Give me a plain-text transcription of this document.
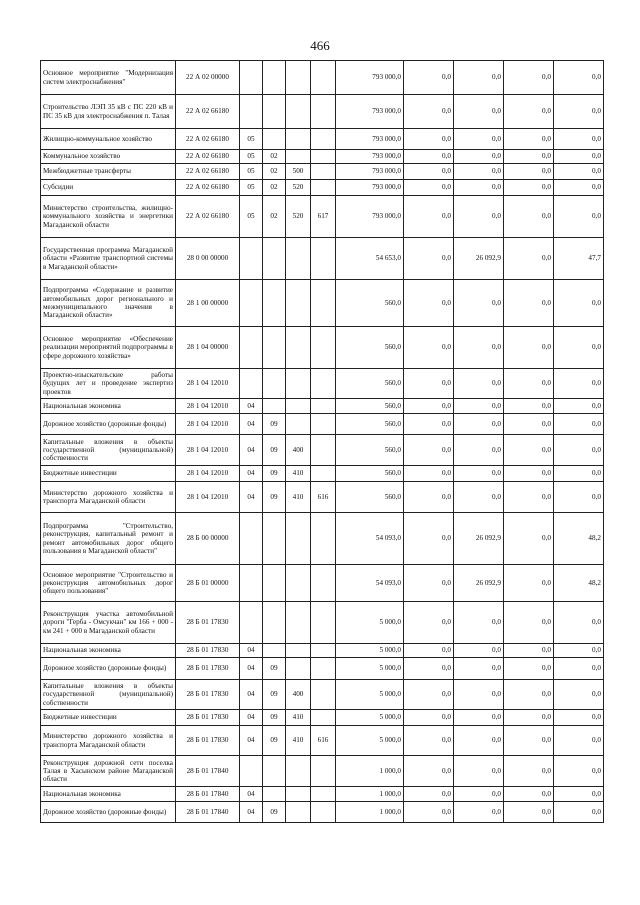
466
Основное мероприятие "Модернизация систем электроснабжения"	22 А 02 00000					793 000,0	0,0	0,0	0,0	0,0
Строительство ЛЭП 35 кВ с ПС 220 кВ и ПС 35 кВ для электроснабжения п. Талая	22 А 02 66180					793 000,0	0,0	0,0	0,0	0,0
Жилищно-коммунальное хозяйство	22 А 02 66180	05				793 000,0	0,0	0,0	0,0	0,0
Коммунальное хозяйство	22 А 02 66180	05	02			793 000,0	0,0	0,0	0,0	0,0
Межбюджетные трансферты	22 А 02 66180	05	02	500		793 000,0	0,0	0,0	0,0	0,0
Субсидии	22 А 02 66180	05	02	520		793 000,0	0,0	0,0	0,0	0,0
Министерство строительства, жилищно-коммунального хозяйства и энергетики Магаданской области	22 А 02 66180	05	02	520	617	793 000,0	0,0	0,0	0,0	0,0
Государственная программа Магаданской области «Развитие транспортной системы в Магаданской области»	28 0 00 00000					54 653,0	0,0	26 092,9	0,0	47,7
Подпрограмма «Содержание и развитие автомобильных дорог регионального и межмуниципального значения в Магаданской области»	28 1 00 00000					560,0	0,0	0,0	0,0	0,0
Основное мероприятие «Обеспечение реализации мероприятий подпрограммы в сфере дорожного хозяйства»	28 1 04 00000					560,0	0,0	0,0	0,0	0,0
Проектно-изыскательские работы будущих лет и проведение экспертиз проектов	28 1 04 12010					560,0	0,0	0,0	0,0	0,0
Национальная экономика	28 1 04 12010	04				560,0	0,0	0,0	0,0	0,0
Дорожное хозяйство (дорожные фонды)	28 1 04 12010	04	09			560,0	0,0	0,0	0,0	0,0
Капитальные вложения в объекты государственной (муниципальной) собственности	28 1 04 12010	04	09	400		560,0	0,0	0,0	0,0	0,0
Бюджетные инвестиции	28 1 04 12010	04	09	410		560,0	0,0	0,0	0,0	0,0
Министерство дорожного хозяйства и транспорта Магаданской области	28 1 04 12010	04	09	410	616	560,0	0,0	0,0	0,0	0,0
Подпрограмма "Строительство, реконструкция, капитальный ремонт и ремонт автомобильных дорог общего пользования в Магаданской области"	28 Б 00 00000					54 093,0	0,0	26 092,9	0,0	48,2
Основное мероприятие "Строительство и реконструкция автомобильных дорог общего пользования"	28 Б 01 00000					54 093,0	0,0	26 092,9	0,0	48,2
Реконструкция участка автомобильной дороги "Герба - Омсукчан" км 166 + 000 - км 241 + 000 в Магаданской области	28 Б 01 17830					5 000,0	0,0	0,0	0,0	0,0
Национальная экономика	28 Б 01 17830	04				5 000,0	0,0	0,0	0,0	0,0
Дорожное хозяйство (дорожные фонды)	28 Б 01 17830	04	09			5 000,0	0,0	0,0	0,0	0,0
Капитальные вложения в объекты государственной (муниципальной) собственности	28 Б 01 17830	04	09	400		5 000,0	0,0	0,0	0,0	0,0
Бюджетные инвестиции	28 Б 01 17830	04	09	410		5 000,0	0,0	0,0	0,0	0,0
Министерство дорожного хозяйства и транспорта Магаданской области	28 Б 01 17830	04	09	410	616	5 000,0	0,0	0,0	0,0	0,0
Реконструкция дорожной сети поселка Талая в Хасынском районе Магаданской области	28 Б 01 17840					1 000,0	0,0	0,0	0,0	0,0
Национальная экономика	28 Б 01 17840	04				1 000,0	0,0	0,0	0,0	0,0
Дорожное хозяйство (дорожные фонды)	28 Б 01 17840	04	09			1 000,0	0,0	0,0	0,0	0,0
